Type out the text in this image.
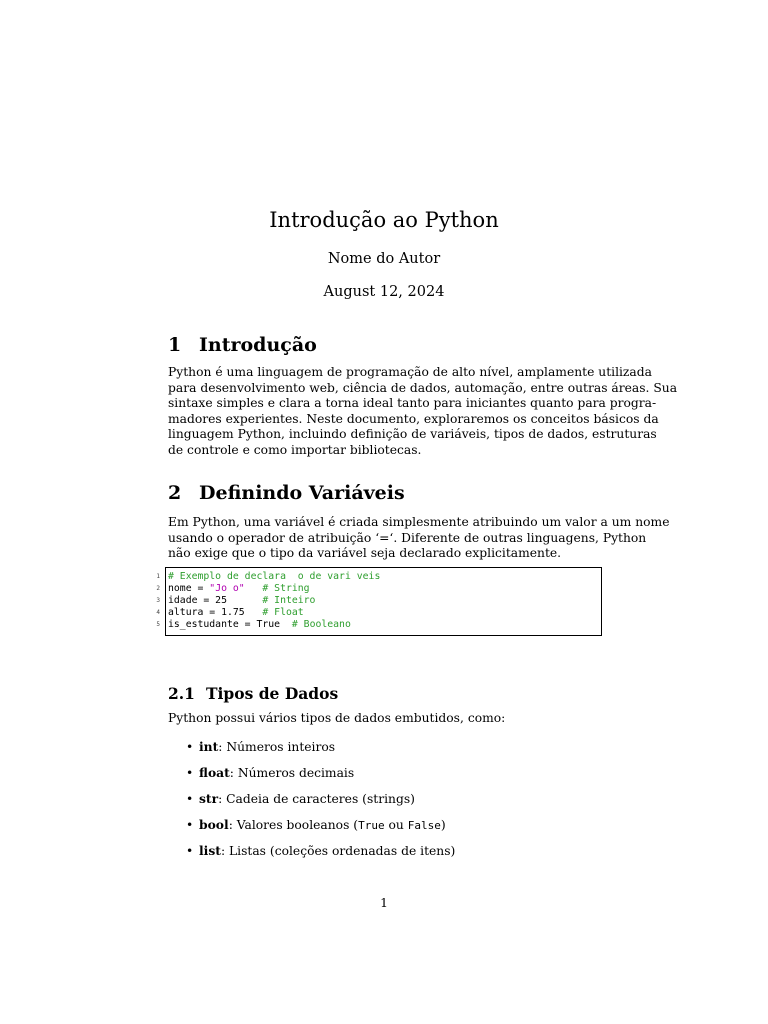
Introdução ao Python
Nome do Autor
August 12, 2024
1 Introdução
Python é uma linguagem de programação de alto nível, amplamente utilizada
para desenvolvimento web, ciência de dados, automação, entre outras áreas. Sua
sintaxe simples e clara a torna ideal tanto para iniciantes quanto para progra-
madores experientes. Neste documento, exploraremos os conceitos básicos da
linguagem Python, incluindo definição de variáveis, tipos de dados, estruturas
de controle e como importar bibliotecas.
2 Definindo Variáveis
Em Python, uma variável é criada simplesmente atribuindo um valor a um nome
usando o operador de atribuição ‘=‘. Diferente de outras linguagens, Python
não exige que o tipo da variável seja declarado explicitamente.
1 # Exemplo de declara  o de vari veis
2 nome = "Jo o" # String
3 idade = 25	# Inteiro
4 altura = 1.75 # Float
5 is_estudante = True # Booleano
2.1 Tipos de Dados
Python possui vários tipos de dados embutidos, como:
• int: Números inteiros
• float: Números decimais
• str: Cadeia de caracteres (strings)
• bool: Valores booleanos (True ou False)
• list: Listas (coleções ordenadas de itens)
1
